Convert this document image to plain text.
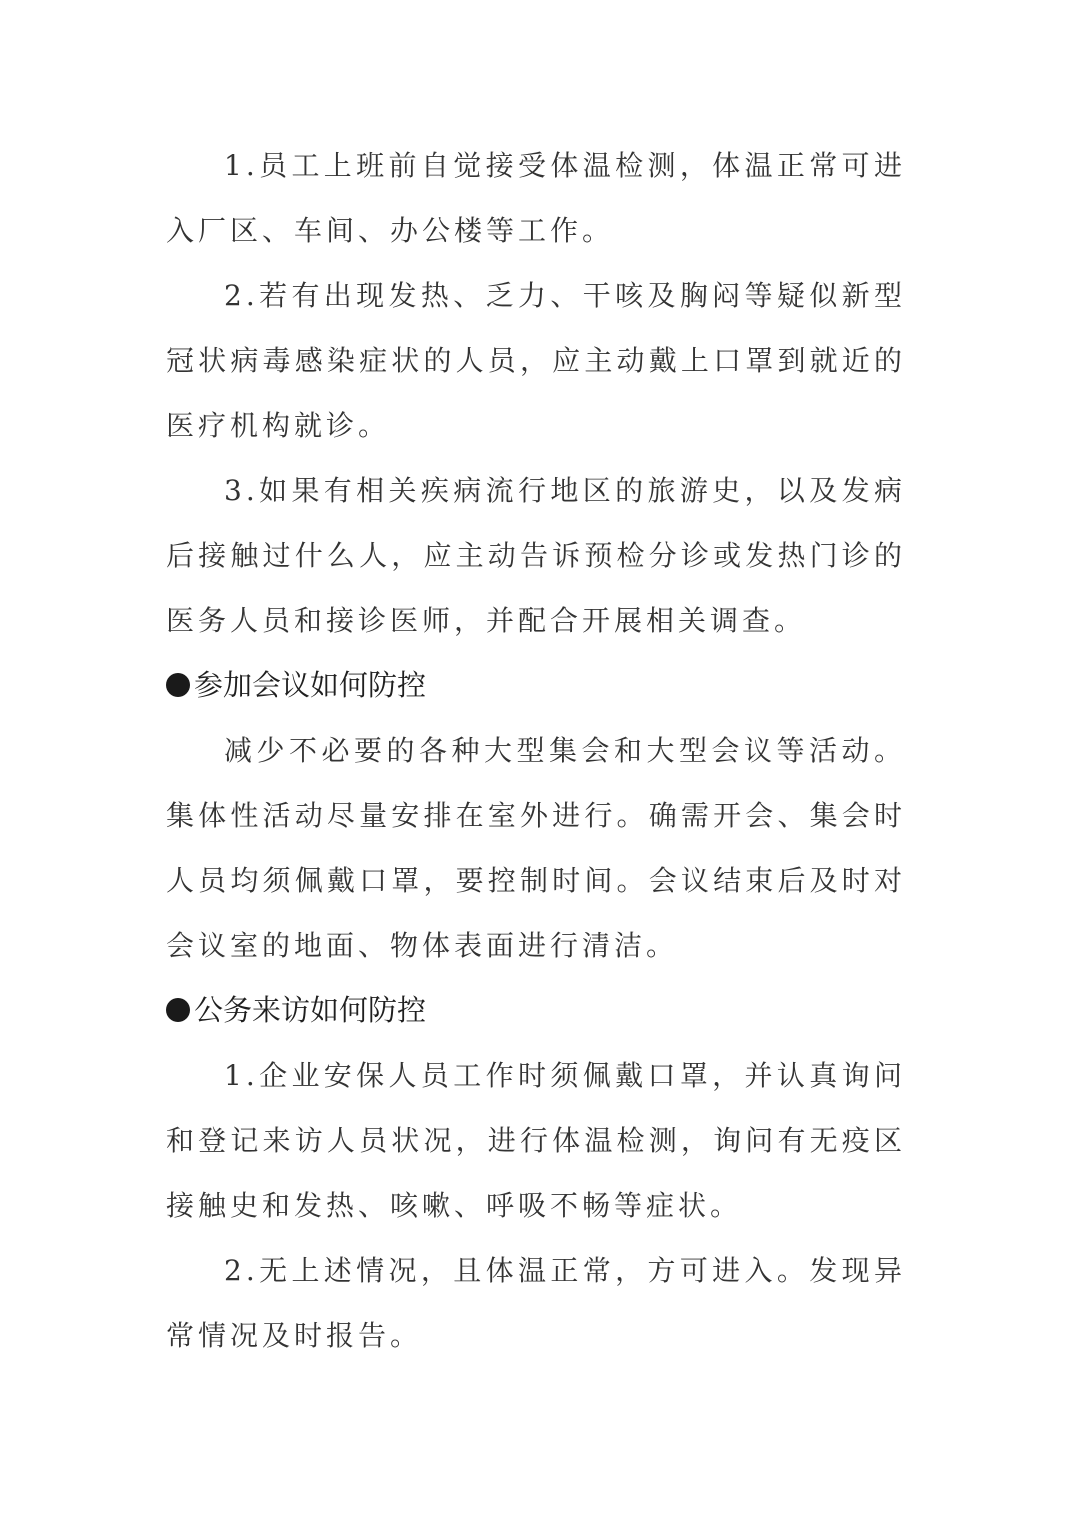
1.员工上班前自觉接受体温检测，体温正常可进入厂区、车间、办公楼等工作。

2.若有出现发热、乏力、干咳及胸闷等疑似新型冠状病毒感染症状的人员，应主动戴上口罩到就近的医疗机构就诊。

3.如果有相关疾病流行地区的旅游史，以及发病后接触过什么人，应主动告诉预检分诊或发热门诊的医务人员和接诊医师，并配合开展相关调查。

参加会议如何防控

减少不必要的各种大型集会和大型会议等活动。集体性活动尽量安排在室外进行。确需开会、集会时人员均须佩戴口罩，要控制时间。会议结束后及时对会议室的地面、物体表面进行清洁。

公务来访如何防控

1.企业安保人员工作时须佩戴口罩，并认真询问和登记来访人员状况，进行体温检测，询问有无疫区接触史和发热、咳嗽、呼吸不畅等症状。

2.无上述情况，且体温正常，方可进入。发现异常情况及时报告。
